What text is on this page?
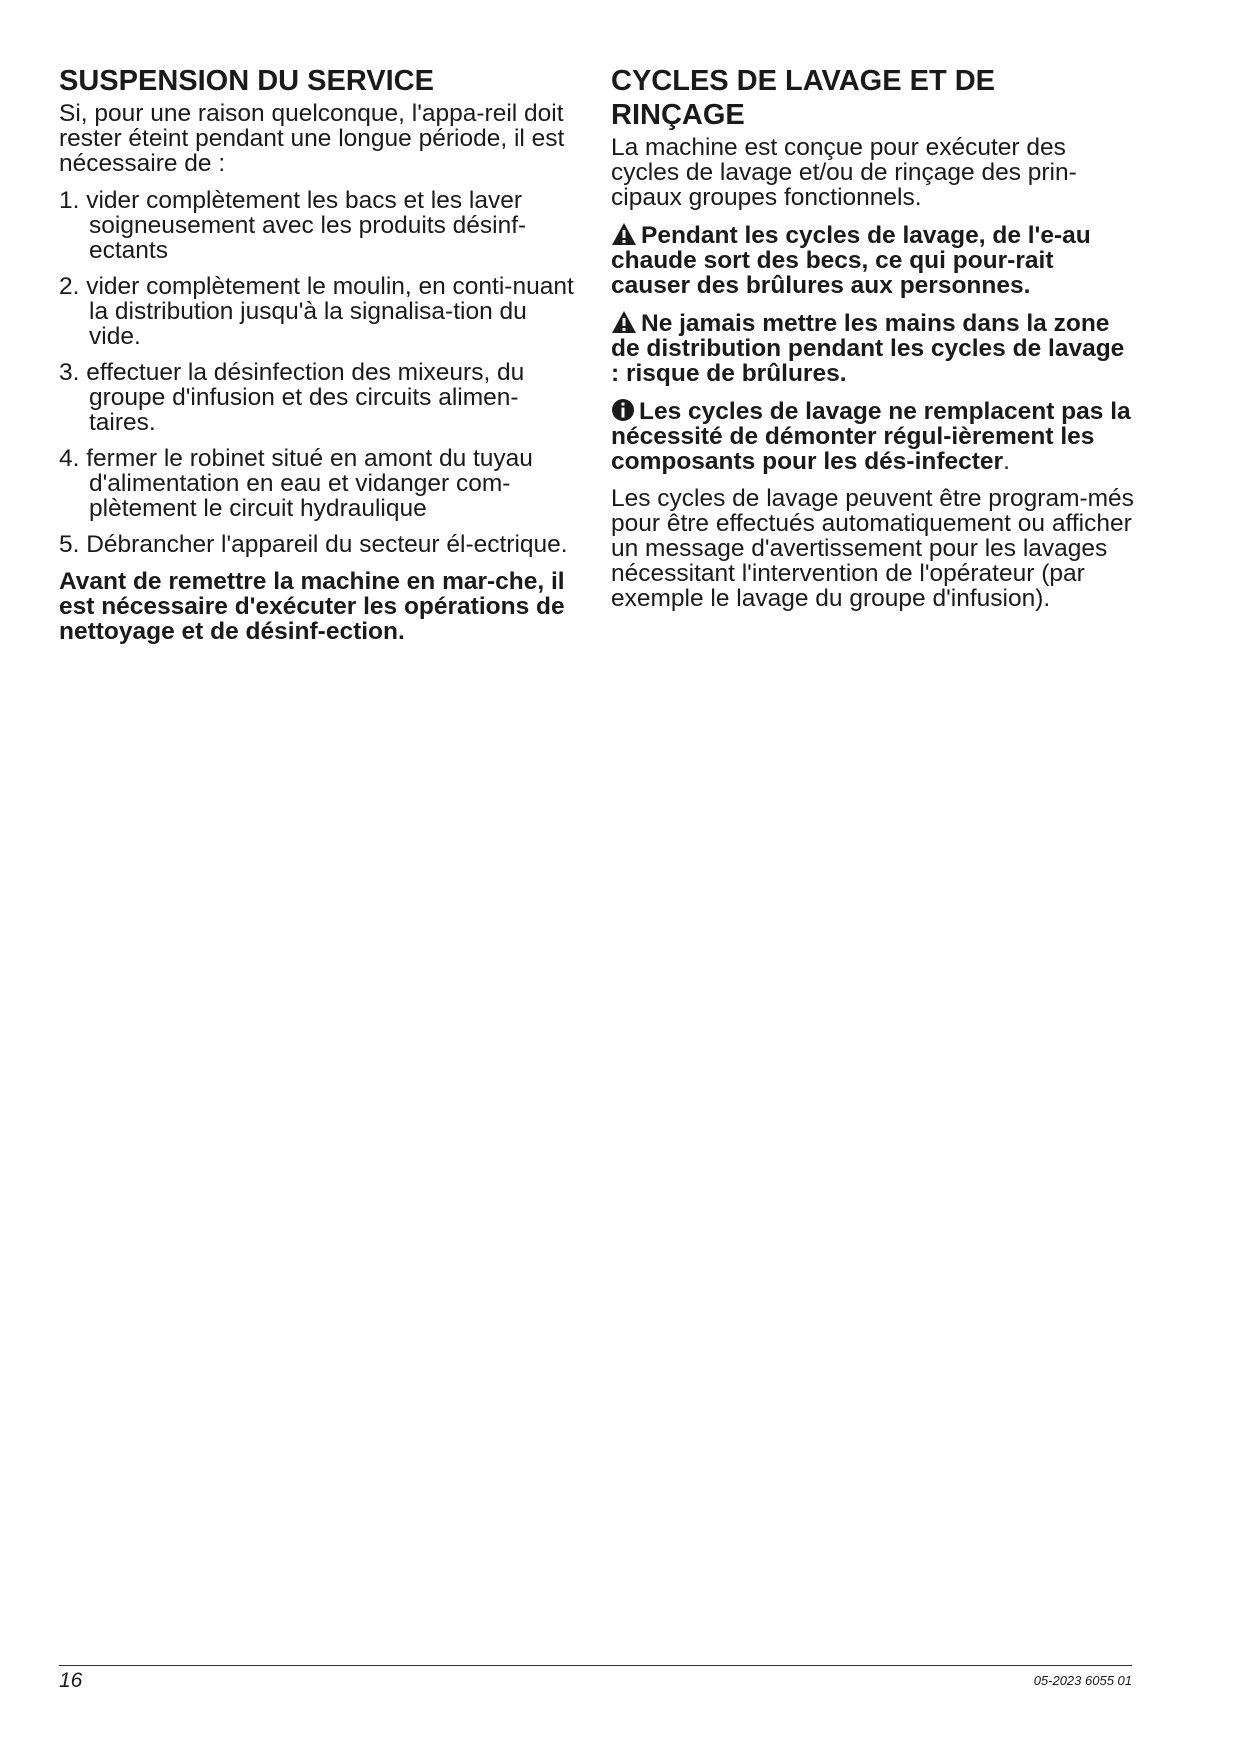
SUSPENSION DU SERVICE

Si, pour une raison quelconque, l'appa-reil doit rester éteint pendant une longue période, il est nécessaire de :

1. vider complètement les bacs et les laver soigneusement avec les produits désinf-ectants
2. vider complètement le moulin, en conti-nuant la distribution jusqu'à la signalisa-tion du vide.
3. effectuer la désinfection des mixeurs, du groupe d'infusion et des circuits alimen-taires.
4. fermer le robinet situé en amont du tuyau d'alimentation en eau et vidanger com-plètement le circuit hydraulique
5. Débrancher l'appareil du secteur él-ectrique.

Avant de remettre la machine en mar-che, il est nécessaire d'exécuter les opérations de nettoyage et de désinf-ection.

CYCLES DE LAVAGE ET DE
RINÇAGE

La machine est conçue pour exécuter des cycles de lavage et/ou de rinçage des prin-cipaux groupes fonctionnels.

Pendant les cycles de lavage, de l'e-au chaude sort des becs, ce qui pour-rait causer des brûlures aux personnes.

Ne jamais mettre les mains dans la zone de distribution pendant les cycles de lavage : risque de brûlures.

Les cycles de lavage ne remplacent pas la nécessité de démonter régul-ièrement les composants pour les dés-infecter.

Les cycles de lavage peuvent être program-més pour être effectués automatiquement ou afficher un message d'avertissement pour les lavages nécessitant l'intervention de l'opérateur (par exemple le lavage du groupe d'infusion).

16	05-2023 6055 01
